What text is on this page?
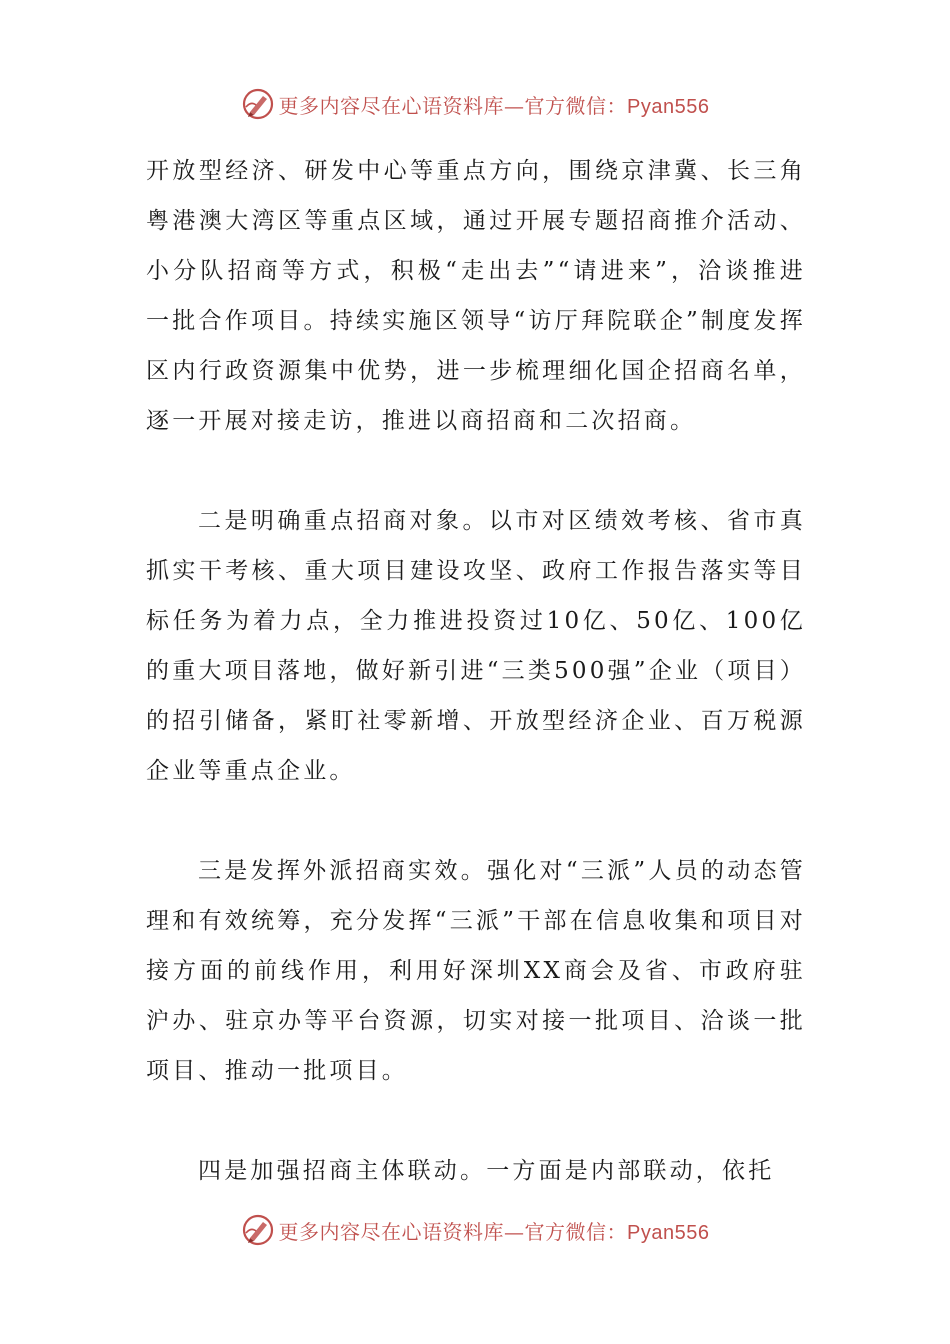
更多内容尽在心语资料库—官方微信：Pyan556

开放型经济、研发中心等重点方向，围绕京津冀、长三角粤港澳大湾区等重点区域，通过开展专题招商推介活动、小分队招商等方式，积极“走出去”“请进来”，洽谈推进一批合作项目。持续实施区领导“访厅拜院联企”制度发挥区内行政资源集中优势，进一步梳理细化国企招商名单，逐一开展对接走访，推进以商招商和二次招商。

二是明确重点招商对象。以市对区绩效考核、省市真抓实干考核、重大项目建设攻坚、政府工作报告落实等目标任务为着力点，全力推进投资过10亿、50亿、100亿的重大项目落地，做好新引进“三类500强”企业（项目）的招引储备，紧盯社零新增、开放型经济企业、百万税源企业等重点企业。

三是发挥外派招商实效。强化对“三派”人员的动态管理和有效统筹，充分发挥“三派”干部在信息收集和项目对接方面的前线作用，利用好深圳XX商会及省、市政府驻沪办、驻京办等平台资源，切实对接一批项目、洽谈一批项目、推动一批项目。

四是加强招商主体联动。一方面是内部联动，依托

更多内容尽在心语资料库—官方微信：Pyan556
